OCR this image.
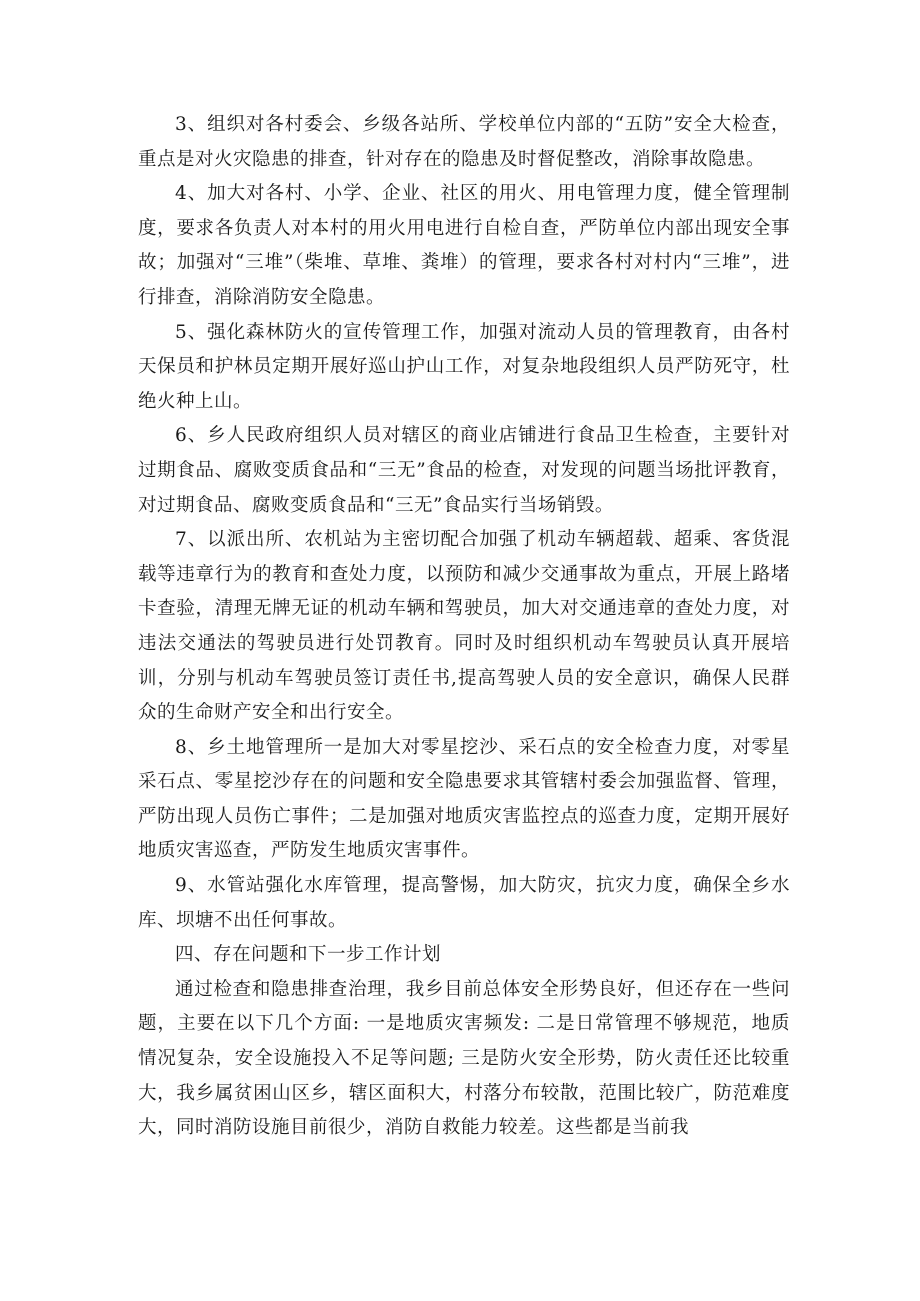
3、组织对各村委会、乡级各站所、学校单位内部的“五防”安全大检查，重点是对火灾隐患的排查，针对存在的隐患及时督促整改，消除事故隐患。

4、加大对各村、小学、企业、社区的用火、用电管理力度，健全管理制度，要求各负责人对本村的用火用电进行自检自查，严防单位内部出现安全事故；加强对“三堆”（柴堆、草堆、粪堆）的管理，要求各村对村内“三堆”，进行排查，消除消防安全隐患。

5、强化森林防火的宣传管理工作，加强对流动人员的管理教育，由各村天保员和护林员定期开展好巡山护山工作，对复杂地段组织人员严防死守，杜绝火种上山。

6、乡人民政府组织人员对辖区的商业店铺进行食品卫生检查，主要针对过期食品、腐败变质食品和“三无”食品的检查，对发现的问题当场批评教育，对过期食品、腐败变质食品和“三无”食品实行当场销毁。

7、以派出所、农机站为主密切配合加强了机动车辆超载、超乘、客货混载等违章行为的教育和查处力度，以预防和减少交通事故为重点，开展上路堵卡查验，清理无牌无证的机动车辆和驾驶员，加大对交通违章的查处力度，对违法交通法的驾驶员进行处罚教育。同时及时组织机动车驾驶员认真开展培训，分别与机动车驾驶员签订责任书,提高驾驶人员的安全意识，确保人民群众的生命财产安全和出行安全。

8、乡土地管理所一是加大对零星挖沙、采石点的安全检查力度，对零星采石点、零星挖沙存在的问题和安全隐患要求其管辖村委会加强监督、管理，严防出现人员伤亡事件；二是加强对地质灾害监控点的巡查力度，定期开展好地质灾害巡查，严防发生地质灾害事件。

9、水管站强化水库管理，提高警惕，加大防灾，抗灾力度，确保全乡水库、坝塘不出任何事故。

四、存在问题和下一步工作计划

通过检查和隐患排查治理，我乡目前总体安全形势良好，但还存在一些问题，主要在以下几个方面: 一是地质灾害频发: 二是日常管理不够规范，地质情况复杂，安全设施投入不足等问题; 三是防火安全形势，防火责任还比较重大，我乡属贫困山区乡，辖区面积大，村落分布较散，范围比较广，防范难度大，同时消防设施目前很少，消防自救能力较差。这些都是当前我
